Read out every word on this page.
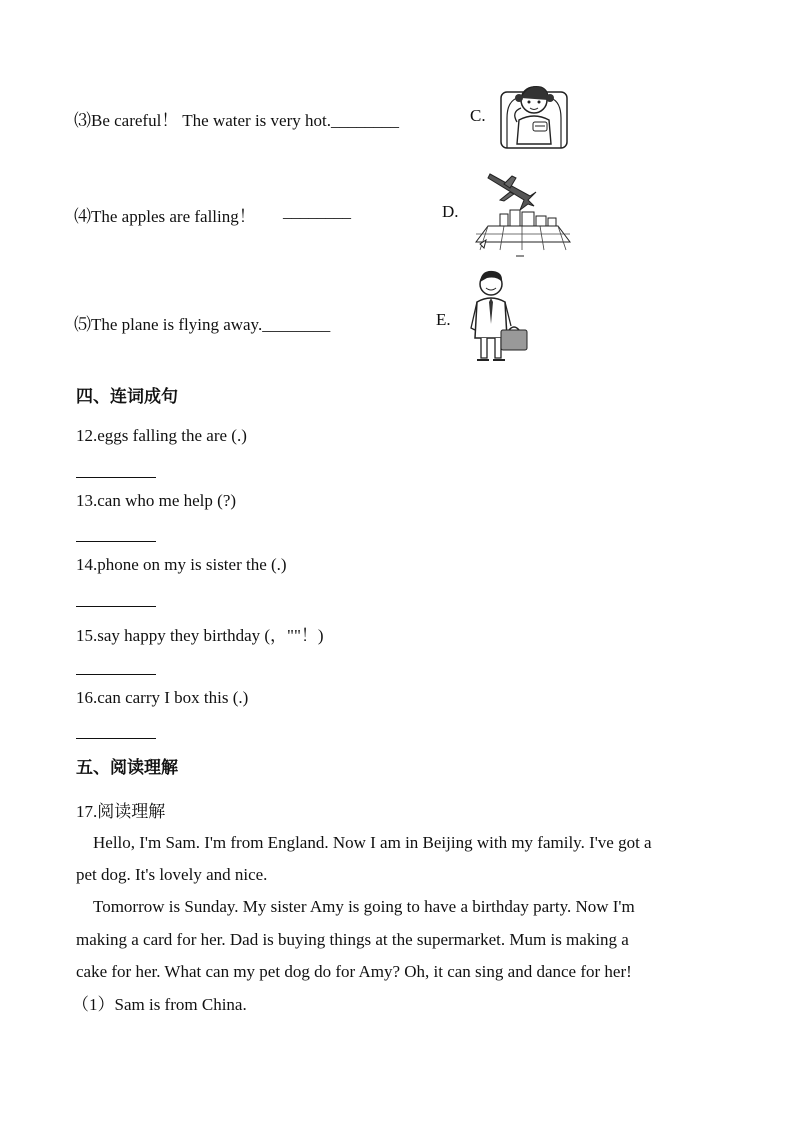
⑶Be careful！ The water is very hot.________	C.
⑷The apples are falling！ ________	D.
⑸The plane is flying away.________	E.
四、连词成句
12.eggs falling the are (.)
13.can who me help (?)
14.phone on my is sister the (.)
15.say happy they birthday (，""！)
16.can carry I box this (.)
五、阅读理解
17.阅读理解
Hello, I'm Sam. I'm from England. Now I am in Beijing with my family. I've got a
pet dog. It's lovely and nice.
Tomorrow is Sunday. My sister Amy is going to have a birthday party. Now I'm
making a card for her. Dad is buying things at the supermarket. Mum is making a
cake for her. What can my pet dog do for Amy? Oh, it can sing and dance for her!
（1）Sam is from China.
